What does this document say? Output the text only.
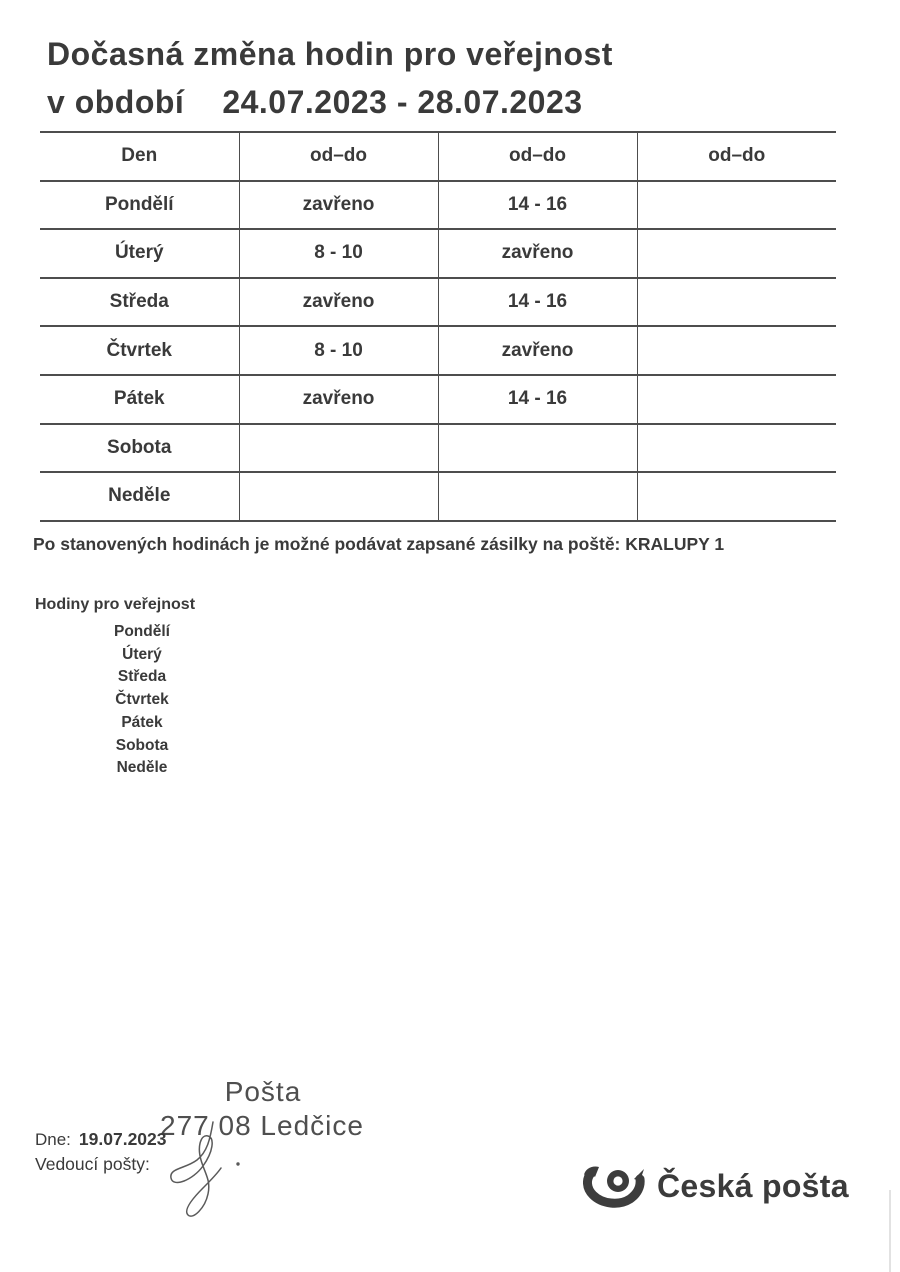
Dočasná změna hodin pro veřejnost
v období 24.07.2023 - 28.07.2023
Den	od–do	od–do	od–do
Pondělí	zavřeno	14 - 16	
Úterý	8 - 10	zavřeno	
Středa	zavřeno	14 - 16	
Čtvrtek	8 - 10	zavřeno	
Pátek	zavřeno	14 - 16	
Sobota			
Neděle			
Po stanovených hodinách je možné podávat zapsané zásilky na poště: KRALUPY 1
Hodiny pro veřejnost
Pondělí
Úterý
Středa
Čtvrtek
Pátek
Sobota
Neděle
Pošta
277 08 Ledčice
Dne: 19.07.2023
Vedoucí pošty:
Česká pošta
